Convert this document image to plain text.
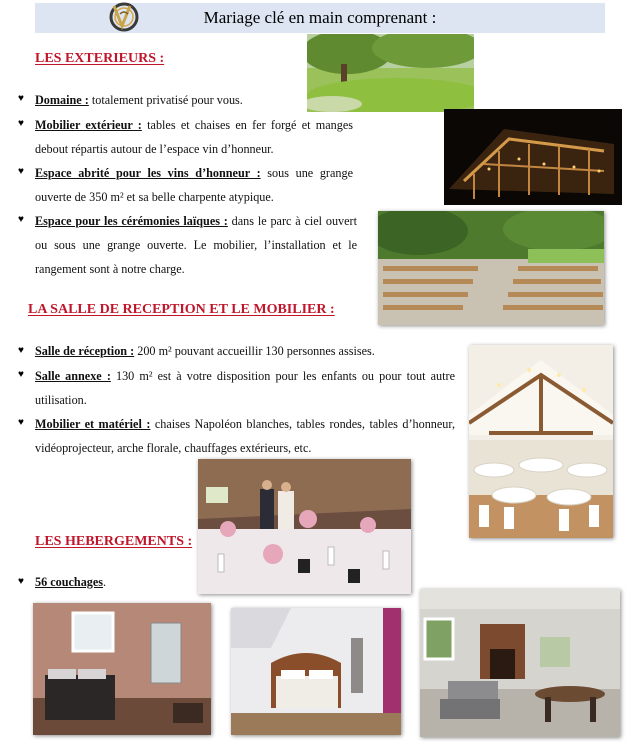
Mariage clé en main comprenant :
LES EXTERIEURS :
♥ Domaine : totalement privatisé pour vous.
♥ Mobilier extérieur : tables et chaises en fer forgé et manges debout répartis autour de l’espace vin d’honneur.
♥ Espace abrité pour les vins d’honneur : sous une grange ouverte de 350 m² et sa belle charpente atypique.
♥ Espace pour les cérémonies laïques : dans le parc à ciel ouvert ou sous une grange ouverte. Le mobilier, l’installation et le rangement sont à notre charge.
LA SALLE DE RECEPTION ET LE MOBILIER :
♥ Salle de réception : 200 m² pouvant accueillir 130 personnes assises.
♥ Salle annexe : 130 m² est à votre disposition pour les enfants ou pour tout autre utilisation.
♥ Mobilier et matériel : chaises Napoléon blanches, tables rondes, tables d’honneur, vidéoprojecteur, arche florale, chauffages extérieurs, etc.
LES HEBERGEMENTS :
♥ 56 couchages.
